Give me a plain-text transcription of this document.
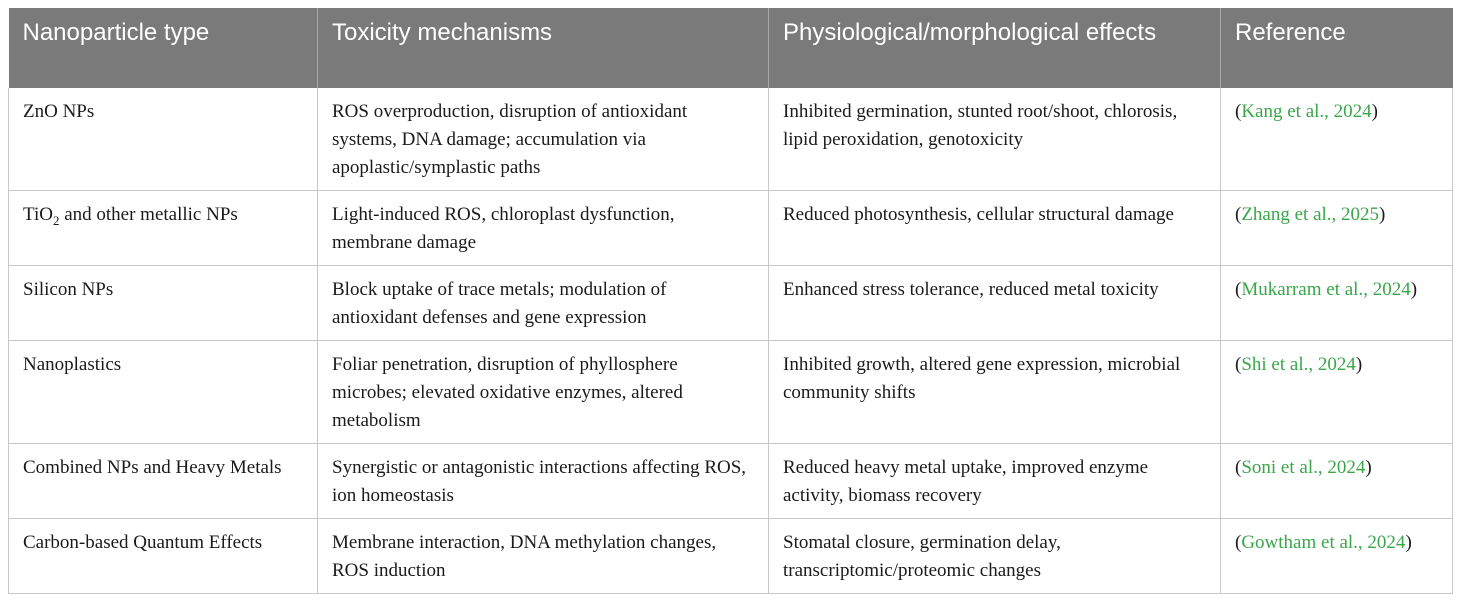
Nanoparticle type	Toxicity mechanisms	Physiological/morphological effects	Reference
ZnO NPs	ROS overproduction, disruption of antioxidant systems, DNA damage; accumulation via apoplastic/symplastic paths	Inhibited germination, stunted root/shoot, chlorosis, lipid peroxidation, genotoxicity	(Kang et al., 2024)
TiO$_2$ and other metallic NPs	Light-induced ROS, chloroplast dysfunction, membrane damage	Reduced photosynthesis, cellular structural damage	(Zhang et al., 2025)
Silicon NPs	Block uptake of trace metals; modulation of antioxidant defenses and gene expression	Enhanced stress tolerance, reduced metal toxicity	(Mukarram et al., 2024)
Nanoplastics	Foliar penetration, disruption of phyllosphere microbes; elevated oxidative enzymes, altered metabolism	Inhibited growth, altered gene expression, microbial community shifts	(Shi et al., 2024)
Combined NPs and Heavy Metals	Synergistic or antagonistic interactions affecting ROS, ion homeostasis	Reduced heavy metal uptake, improved enzyme activity, biomass recovery	(Soni et al., 2024)
Carbon-based Quantum Effects	Membrane interaction, DNA methylation changes, ROS induction	Stomatal closure, germination delay, transcriptomic/proteomic changes	(Gowtham et al., 2024)
